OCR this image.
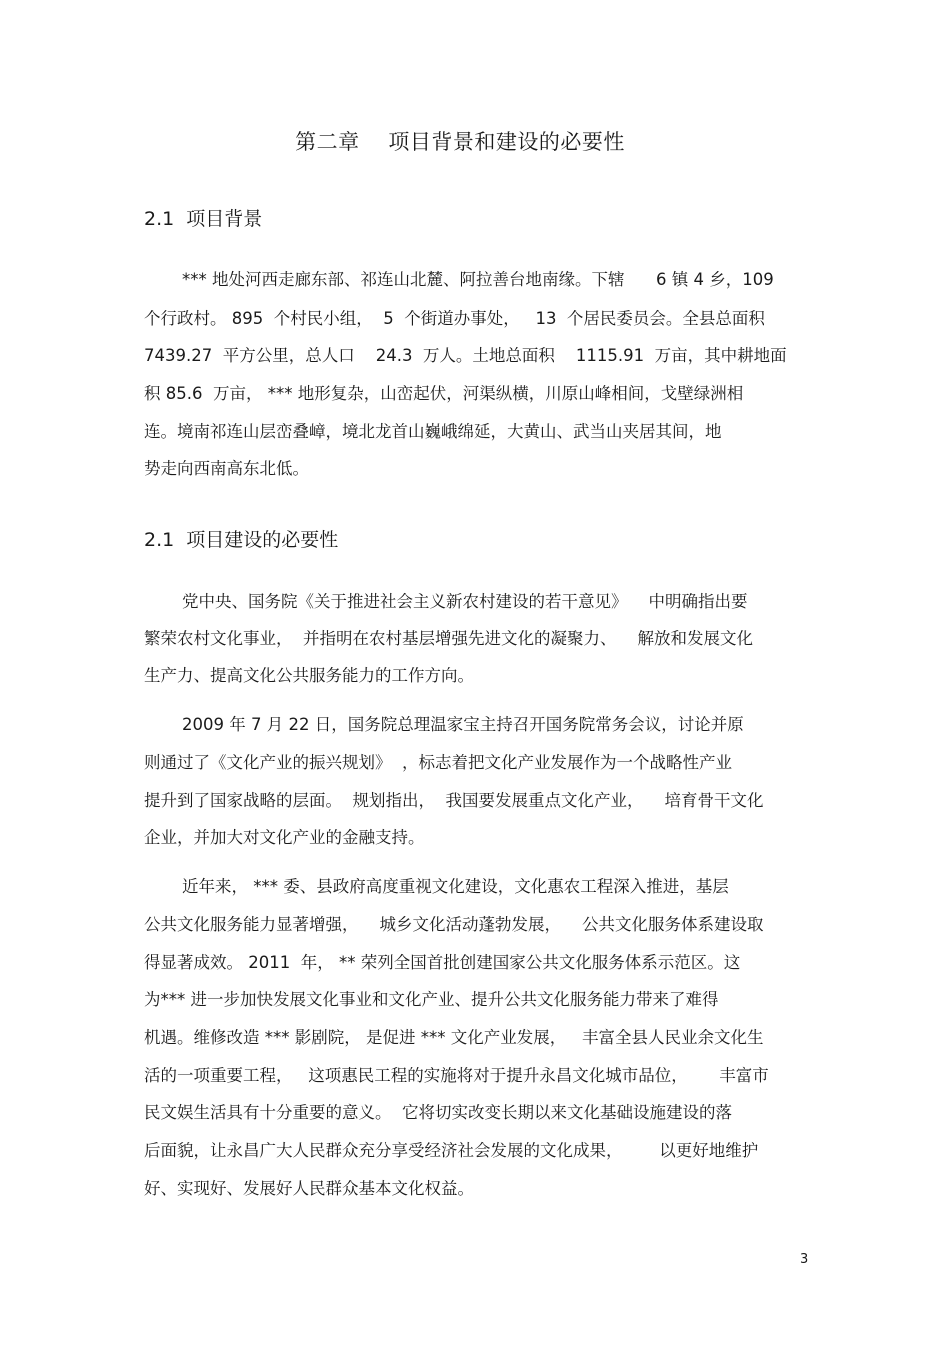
第二章    项目背景和建设的必要性
2.1  项目背景
*** 地处河西走廊东部、祁连山北麓、阿拉善台地南缘。下辖      6 镇 4 乡，109
个行政村。 895  个村民小组，  5  个街道办事处，   13  个居民委员会。全县总面积
7439.27  平方公里，总人口    24.3  万人。土地总面积    1115.91  万亩，其中耕地面
积 85.6  万亩， *** 地形复杂，山峦起伏，河渠纵横，川原山峰相间，戈壁绿洲相
连。境南祁连山层峦叠嶂，境北龙首山巍峨绵延，大黄山、武当山夹居其间，地
势走向西南高东北低。
2.1  项目建设的必要性
党中央、国务院《关于推进社会主义新农村建设的若干意见》    中明确指出要
繁荣农村文化事业，  并指明在农村基层增强先进文化的凝聚力、    解放和发展文化
生产力、提高文化公共服务能力的工作方向。
2009 年 7 月 22 日，国务院总理温家宝主持召开国务院常务会议，讨论并原
则通过了《文化产业的振兴规划》  ，标志着把文化产业发展作为一个战略性产业
提升到了国家战略的层面。  规划指出，  我国要发展重点文化产业，    培育骨干文化
企业，并加大对文化产业的金融支持。
近年来， *** 委、县政府高度重视文化建设，文化惠农工程深入推进，基层
公共文化服务能力显著增强，    城乡文化活动蓬勃发展，    公共文化服务体系建设取
得显著成效。 2011  年， ** 荣列全国首批创建国家公共文化服务体系示范区。这
为*** 进一步加快发展文化事业和文化产业、提升公共文化服务能力带来了难得
机遇。维修改造 *** 影剧院， 是促进 *** 文化产业发展，   丰富全县人民业余文化生
活的一项重要工程，   这项惠民工程的实施将对于提升永昌文化城市品位，      丰富市
民文娱生活具有十分重要的意义。  它将切实改变长期以来文化基础设施建设的落
后面貌，让永昌广大人民群众充分享受经济社会发展的文化成果，       以更好地维护
好、实现好、发展好人民群众基本文化权益。
3
